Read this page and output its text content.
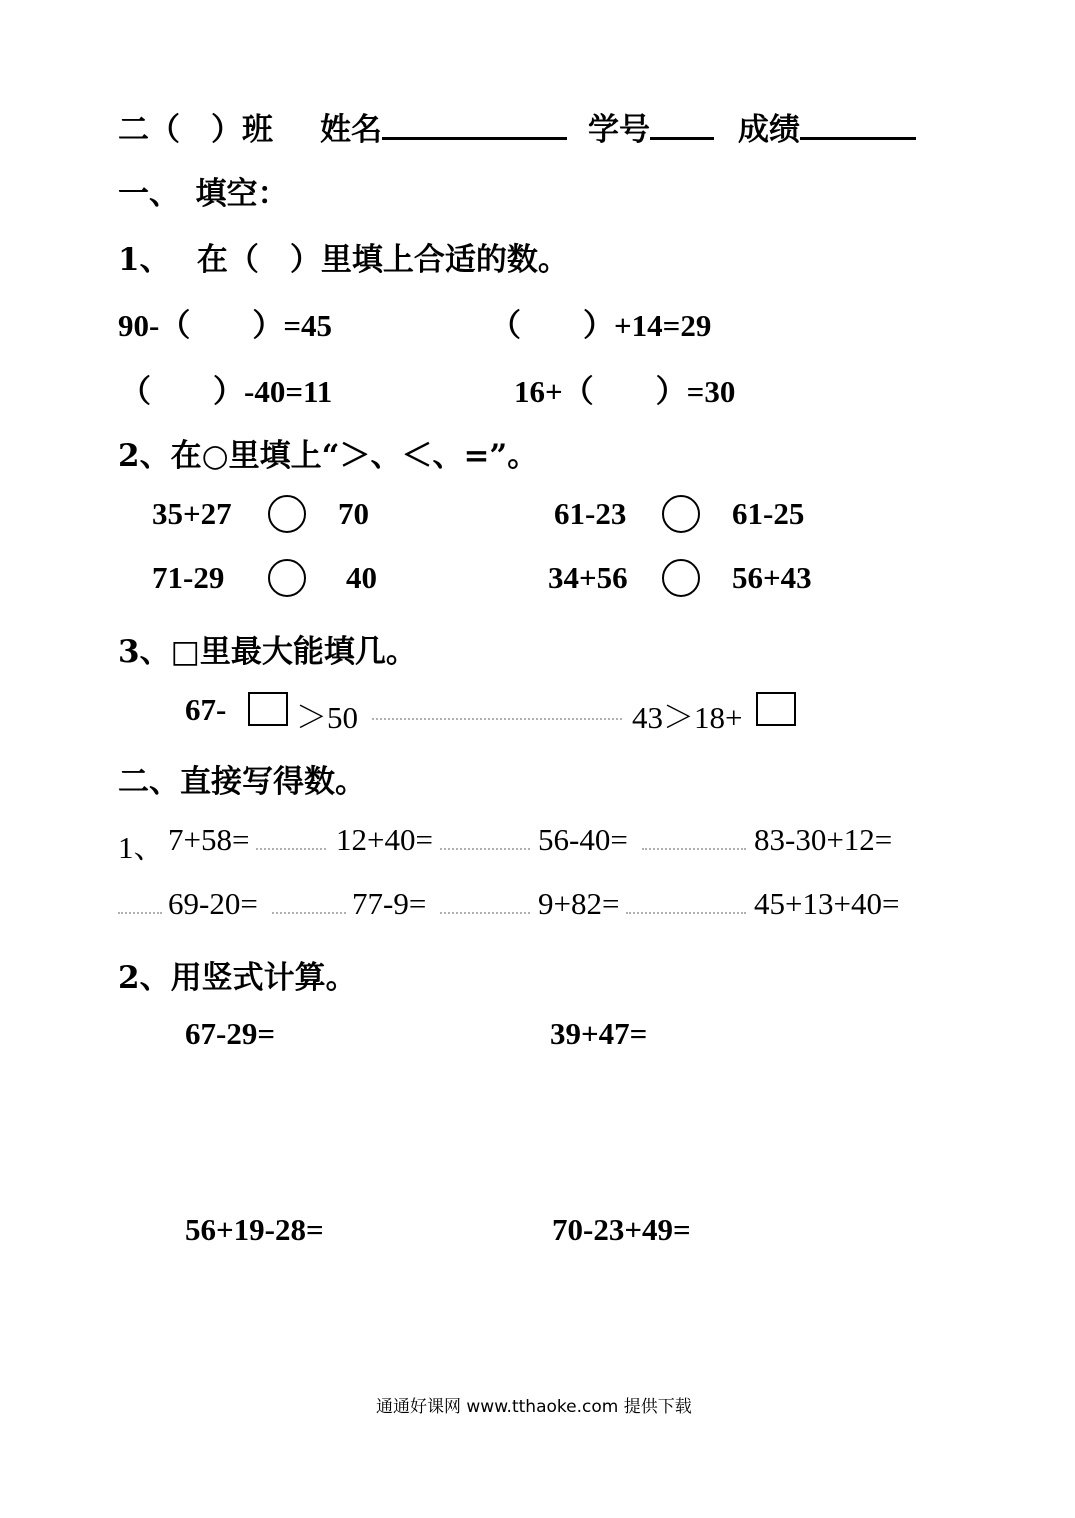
二（　）班 姓名	学号	成绩
一、　填空：
1、　 在（　）里填上合适的数。
90-（　　）=45	（　　）+14=29
（　　）-40=11	16+（　　）=30
2、在○里填上“＞、＜、=”。
35+27	70	61-23	61-25
71-29	40	34+56	56+43
3、□里最大能填几。
67- ＞50	43＞18+
二、直接写得数。
1、 7+58=	12+40=	56-40=	83-30+12=
69-20=	77-9=	9+82=	45+13+40=
2、用竖式计算。
67-29=	39+47=
56+19-28=	70-23+49=
通通好课网 www.tthaoke.com 提供下载
